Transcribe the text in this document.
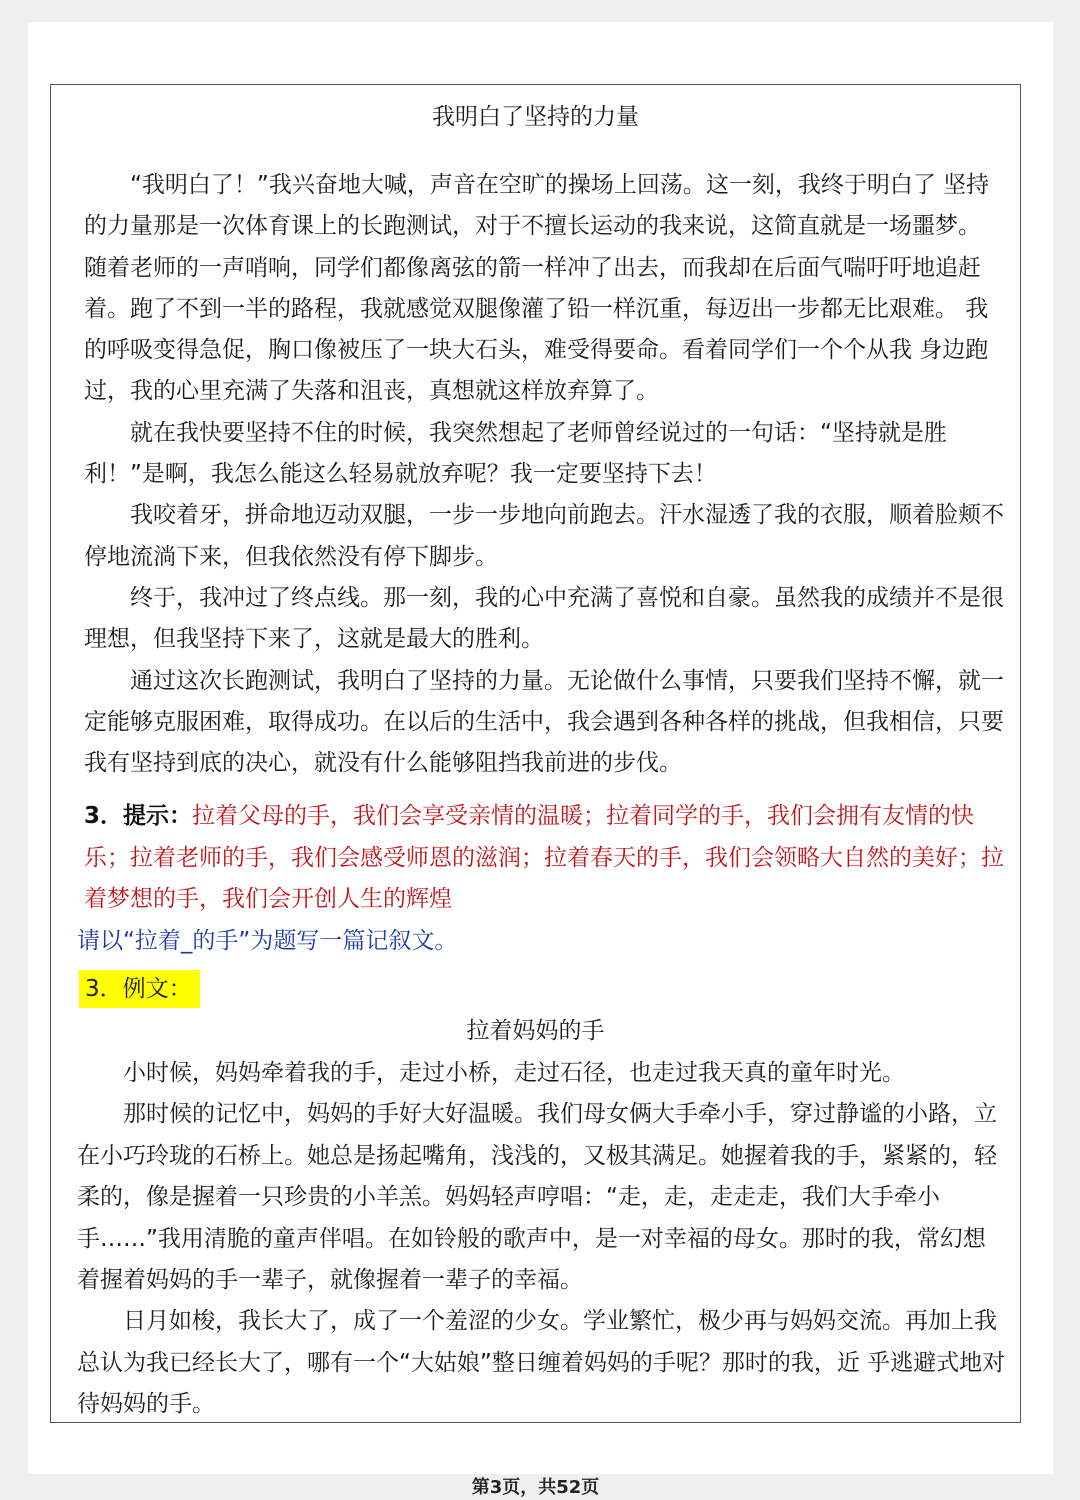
我明白了坚持的力量

“我明白了！”我兴奋地大喊，声音在空旷的操场上回荡。这一刻，我终于明白了 坚持的力量那是一次体育课上的长跑测试，对于不擅长运动的我来说，这简直就是一场噩梦。 随着老师的一声哨响，同学们都像离弦的箭一样冲了出去，而我却在后面气喘吁吁地追赶着。跑了不到一半的路程，我就感觉双腿像灌了铅一样沉重，每迈出一步都无比艰难。 我的呼吸变得急促，胸口像被压了一块大石头，难受得要命。看着同学们一个个从我 身边跑过，我的心里充满了失落和沮丧，真想就这样放弃算了。

就在我快要坚持不住的时候，我突然想起了老师曾经说过的一句话：“坚持就是胜 利！”是啊，我怎么能这么轻易就放弃呢？我一定要坚持下去！

我咬着牙，拼命地迈动双腿，一步一步地向前跑去。汗水湿透了我的衣服，顺着脸颊不停地流淌下来，但我依然没有停下脚步。

终于，我冲过了终点线。那一刻，我的心中充满了喜悦和自豪。虽然我的成绩并不是很理想，但我坚持下来了，这就是最大的胜利。

通过这次长跑测试，我明白了坚持的力量。无论做什么事情，只要我们坚持不懈，就一定能够克服困难，取得成功。在以后的生活中，我会遇到各种各样的挑战，但我相信，只要我有坚持到底的决心，就没有什么能够阻挡我前进的步伐。

3．提示：拉着父母的手，我们会享受亲情的温暖；拉着同学的手，我们会拥有友情的快乐；拉着老师的手，我们会感受师恩的滋润；拉着春天的手，我们会领略大自然的美好；拉着梦想的手，我们会开创人生的辉煌
请以“拉着_的手”为题写一篇记叙文。
3．例文：
拉着妈妈的手

小时候，妈妈牵着我的手，走过小桥，走过石径，也走过我天真的童年时光。

那时候的记忆中，妈妈的手好大好温暖。我们母女俩大手牵小手，穿过静谧的小路，立在小巧玲珑的石桥上。她总是扬起嘴角，浅浅的，又极其满足。她握着我的手，紧紧的，轻柔的，像是握着一只珍贵的小羊羔。妈妈轻声哼唱：“走，走，走走走，我们大手牵小手……”我用清脆的童声伴唱。在如铃般的歌声中，是一对幸福的母女。那时的我，常幻想着握着妈妈的手一辈子，就像握着一辈子的幸福。

日月如梭，我长大了，成了一个羞涩的少女。学业繁忙，极少再与妈妈交流。再加上我总认为我已经长大了，哪有一个“大姑娘”整日缠着妈妈的手呢？那时的我，近 乎逃避式地对待妈妈的手。

第3页，共52页
